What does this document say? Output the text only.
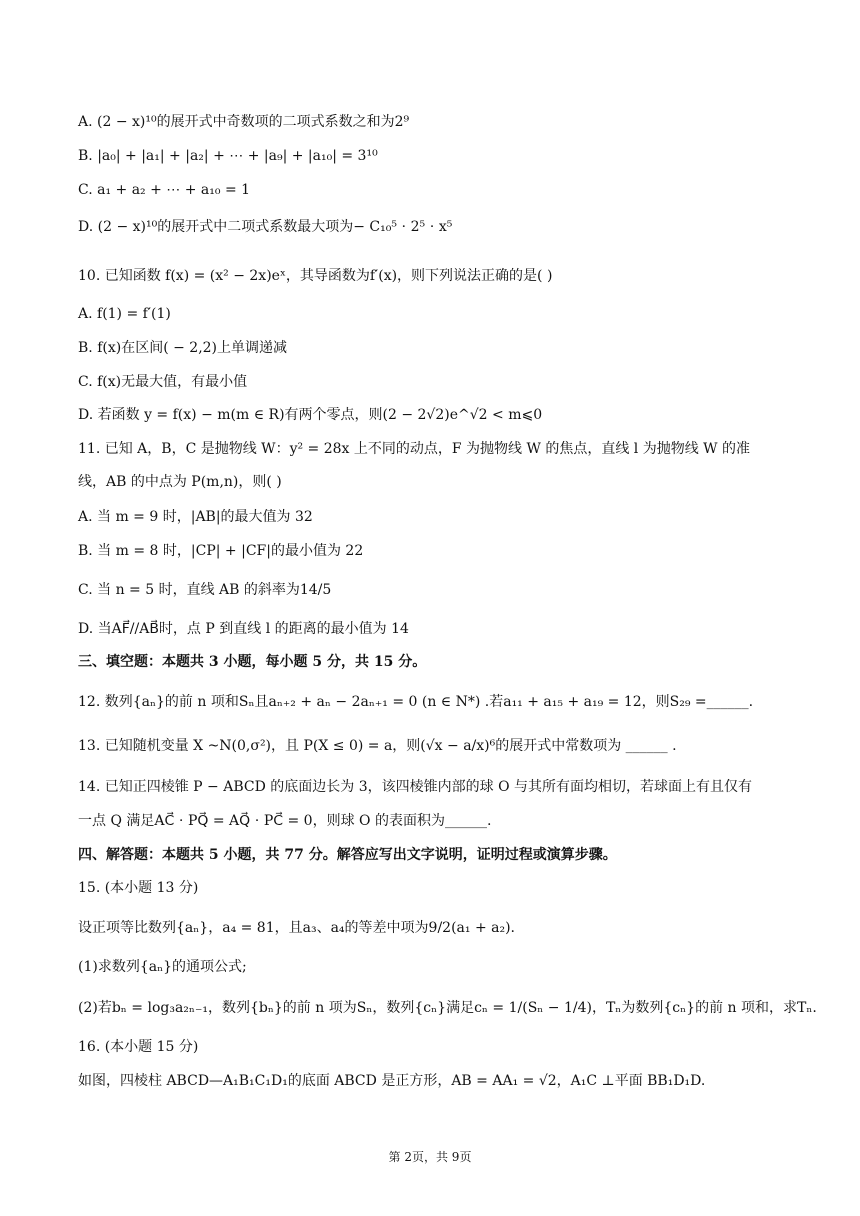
A. (2 − x)¹⁰的展开式中奇数项的二项式系数之和为2⁹
B. |a₀| + |a₁| + |a₂| + ⋯ + |a₉| + |a₁₀| = 3¹⁰
C. a₁ + a₂ + ⋯ + a₁₀ = 1
D. (2 − x)¹⁰的展开式中二项式系数最大项为− C₁₀⁵ ⋅ 2⁵ ⋅ x⁵
10. 已知函数 f(x) = (x² − 2x)eˣ，其导函数为f′(x)，则下列说法正确的是( )
A. f(1) = f′(1)
B. f(x)在区间( − 2,2)上单调递减
C. f(x)无最大值，有最小值
D. 若函数 y = f(x) − m(m ∈ R)有两个零点，则(2 − 2√2)e^√2 < m⩽0
11. 已知 A，B，C 是抛物线 W：y² = 28x 上不同的动点，F 为抛物线 W 的焦点，直线 l 为抛物线 W 的准
线，AB 的中点为 P(m,n)，则( )
A. 当 m = 9 时，|AB|的最大值为 32
B. 当 m = 8 时，|CP| + |CF|的最小值为 22
C. 当 n = 5 时，直线 AB 的斜率为14/5
D. 当AF⃗//AB⃗时，点 P 到直线 l 的距离的最小值为 14
三、填空题：本题共 3 小题，每小题 5 分，共 15 分。
12. 数列{aₙ}的前 n 项和Sₙ且aₙ₊₂ + aₙ − 2aₙ₊₁ = 0 (n ∈ N*) .若a₁₁ + a₁₅ + a₁₉ = 12，则S₂₉ =______.
13. 已知随机变量 X ~N(0,σ²)，且 P(X ≤ 0) = a，则(√x − a/x)⁶的展开式中常数项为 ______ .
14. 已知正四棱锥 P − ABCD 的底面边长为 3，该四棱锥内部的球 O 与其所有面均相切，若球面上有且仅有
一点 Q 满足AC⃗ ⋅ PQ⃗ = AQ⃗ ⋅ PC⃗ = 0，则球 O 的表面积为______.
四、解答题：本题共 5 小题，共 77 分。解答应写出文字说明，证明过程或演算步骤。
15. (本小题 13 分)
设正项等比数列{aₙ}，a₄ = 81，且a₃、a₄的等差中项为9/2(a₁ + a₂).
(1)求数列{aₙ}的通项公式;
(2)若bₙ = log₃a₂ₙ₋₁，数列{bₙ}的前 n 项为Sₙ，数列{cₙ}满足cₙ = 1/(Sₙ − 1/4)，Tₙ为数列{cₙ}的前 n 项和，求Tₙ.
16. (本小题 15 分)
如图，四棱柱 ABCD—A₁B₁C₁D₁的底面 ABCD 是正方形，AB = AA₁ = √2，A₁C ⊥平面 BB₁D₁D.
第 2页，共 9页
